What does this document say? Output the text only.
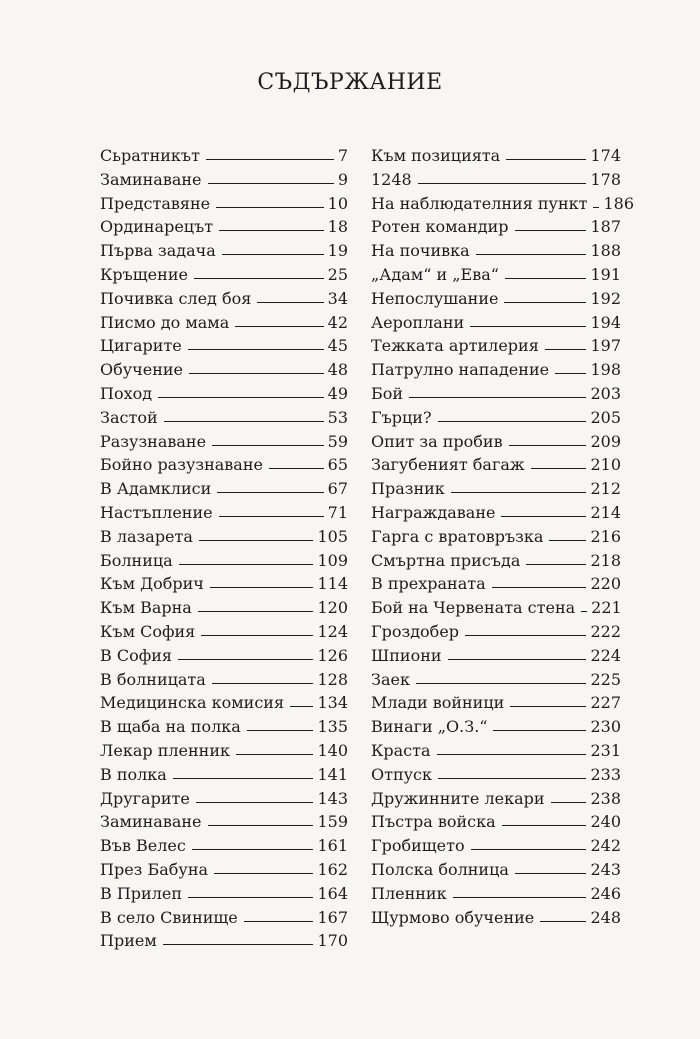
СЪДЪРЖАНИЕ
Сьратникът	7
Заминаване	9
Представяне	10
Ординарецът	18
Първа задача	19
Кръщение	25
Почивка след боя	34
Писмо до мама	42
Цигарите	45
Обучение	48
Поход	49
Застой	53
Разузнаване	59
Бойно разузнаване	65
В Адамклиси	67
Настъпление	71
В лазарета	105
Болница	109
Към Добрич	114
Към Варна	120
Към София	124
В София	126
В болницата	128
Медицинска комисия 134
В щаба на полка	135
Лекар пленник	140
В полка	141
Другарите	143
Заминаване	159
Във Велес	161
През Бабуна	162
В Прилеп	164
В село Свинище	167
Прием	170
Към позицията	174
1248	178
На наблюдателния пункт 186
Ротен командир	187
На почивка	188
„Адам“ и „Ева“	191
Непослушание	192
Аероплани	194
Тежката артилерия	197
Патрулно нападение	198
Бой	203
Гърци?	205
Опит за пробив	209
Загубеният багаж	210
Празник	212
Награждаване	214
Гарга с вратовръзка	216
Смъртна присъда	218
В прехраната	220
Бой на Червената стена 221
Гроздобер	222
Шпиони	224
Заек	225
Млади войници	227
Винаги „О.З.“	230
Краста	231
Отпуск	233
Дружинните лекари	238
Пъстра войска	240
Гробището	242
Полска болница	243
Пленник	246
Щурмово обучение	248
